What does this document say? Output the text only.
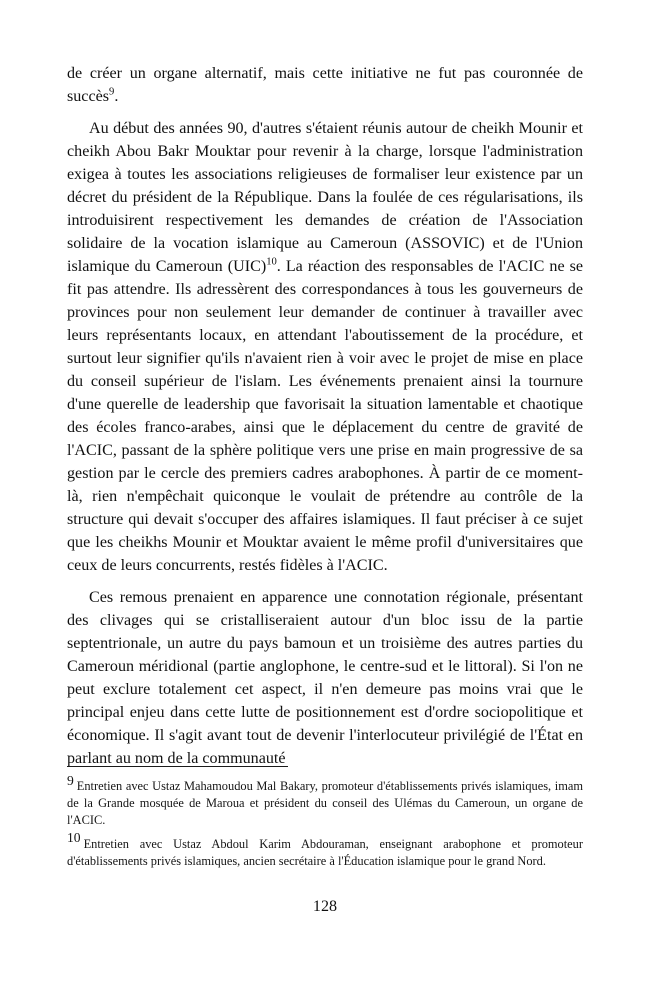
de créer un organe alternatif, mais cette initiative ne fut pas couronnée de succès$^9$.

Au début des années 90, d'autres s'étaient réunis autour de cheikh Mounir et cheikh Abou Bakr Mouktar pour revenir à la charge, lorsque l'administration exigea à toutes les associations religieuses de formaliser leur existence par un décret du président de la République. Dans la foulée de ces régularisations, ils introduisirent respectivement les demandes de création de l'Association solidaire de la vocation islamique au Cameroun (ASSOVIC) et de l'Union islamique du Cameroun (UIC)$^{10}$. La réaction des responsables de l'ACIC ne se fit pas attendre. Ils adressèrent des correspondances à tous les gouverneurs de provinces pour non seulement leur demander de continuer à travailler avec leurs représentants locaux, en attendant l'aboutissement de la procédure, et surtout leur signifier qu'ils n'avaient rien à voir avec le projet de mise en place du conseil supérieur de l'islam. Les événements prenaient ainsi la tournure d'une querelle de leadership que favorisait la situation lamentable et chaotique des écoles franco-arabes, ainsi que le déplacement du centre de gravité de l'ACIC, passant de la sphère politique vers une prise en main progressive de sa gestion par le cercle des premiers cadres arabophones. À partir de ce moment-là, rien n'empêchait quiconque le voulait de prétendre au contrôle de la structure qui devait s'occuper des affaires islamiques. Il faut préciser à ce sujet que les cheikhs Mounir et Mouktar avaient le même profil d'universitaires que ceux de leurs concurrents, restés fidèles à l'ACIC.

Ces remous prenaient en apparence une connotation régionale, présentant des clivages qui se cristalliseraient autour d'un bloc issu de la partie septentrionale, un autre du pays bamoun et un troisième des autres parties du Cameroun méridional (partie anglophone, le centre-sud et le littoral). Si l'on ne peut exclure totalement cet aspect, il n'en demeure pas moins vrai que le principal enjeu dans cette lutte de positionnement est d'ordre sociopolitique et économique. Il s'agit avant tout de devenir l'interlocuteur privilégié de l'État en parlant au nom de la communauté

9 Entretien avec Ustaz Mahamoudou Mal Bakary, promoteur d'établissements privés islamiques, imam de la Grande mosquée de Maroua et président du conseil des Ulémas du Cameroun, un organe de l'ACIC.

10 Entretien avec Ustaz Abdoul Karim Abdouraman, enseignant arabophone et promoteur d'établissements privés islamiques, ancien secrétaire à l'Éducation islamique pour le grand Nord.

128
